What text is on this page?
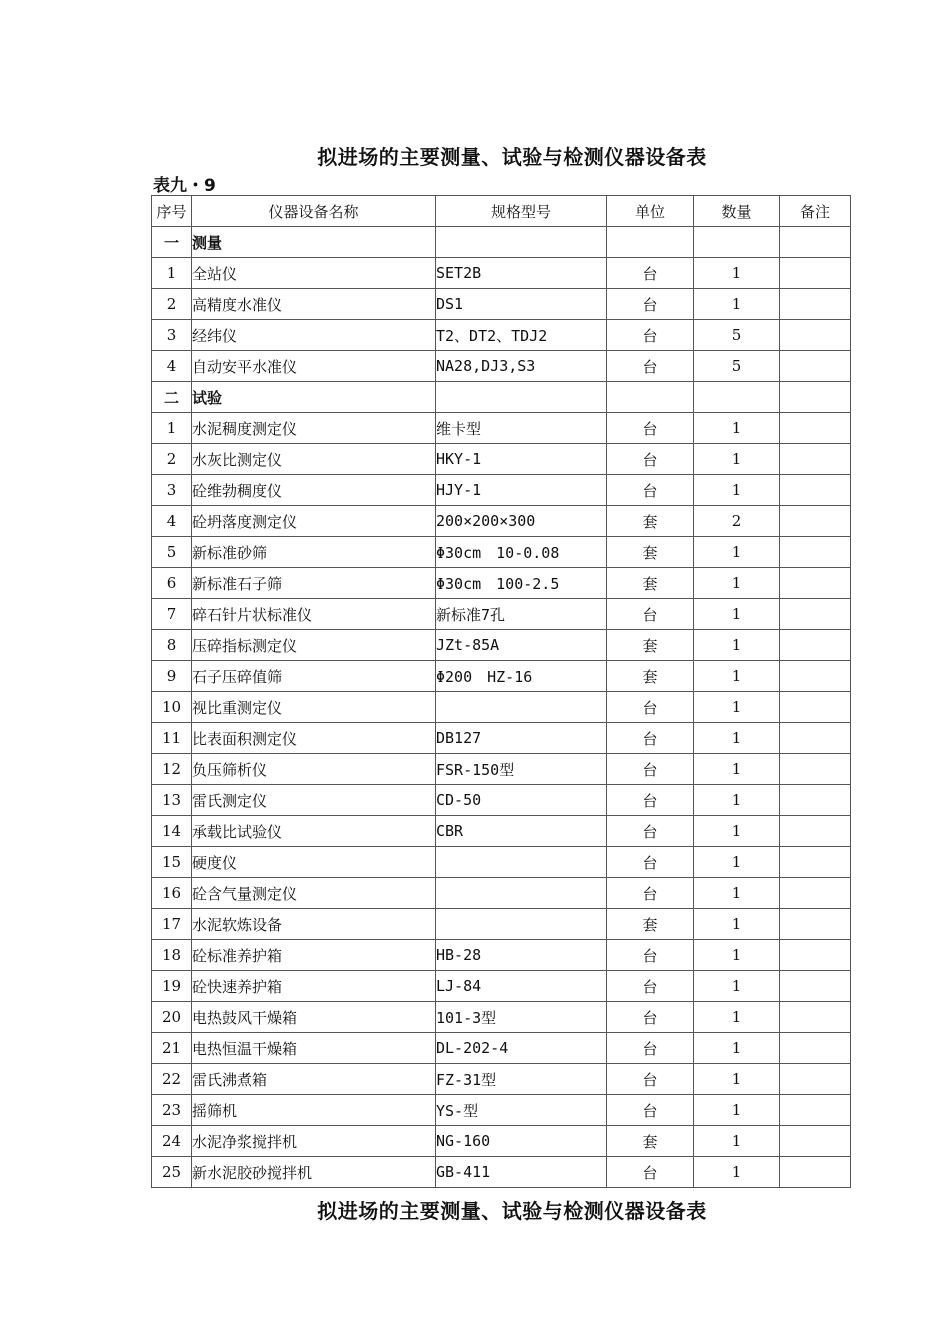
拟进场的主要测量、试验与检测仪器设备表
表九・9
序号	仪器设备名称	规格型号	单位	数量	备注
一	测量				
1	全站仪	SET2B	台	1	
2	高精度水准仪	DS1	台	1	
3	经纬仪	T2、DT2、TDJ2	台	5	
4	自动安平水准仪	NA28,DJ3,S3	台	5	
二	试验				
1	水泥稠度测定仪	维卡型	台	1	
2	水灰比测定仪	HKY-1	台	1	
3	砼维勃稠度仪	HJY-1	台	1	
4	砼坍落度测定仪	200×200×300	套	2	
5	新标准砂筛	Φ30cm　10-0.08	套	1	
6	新标准石子筛	Φ30cm　100-2.5	套	1	
7	碎石针片状标准仪	新标准7孔	台	1	
8	压碎指标测定仪	JZt-85A	套	1	
9	石子压碎值筛	Φ200　HZ-16	套	1	
10	视比重测定仪		台	1	
11	比表面积测定仪	DB127	台	1	
12	负压筛析仪	FSR-150型	台	1	
13	雷氏测定仪	CD-50	台	1	
14	承载比试验仪	CBR	台	1	
15	硬度仪		台	1	
16	砼含气量测定仪		台	1	
17	水泥软炼设备		套	1	
18	砼标准养护箱	HB-28	台	1	
19	砼快速养护箱	LJ-84	台	1	
20	电热鼓风干燥箱	101-3型	台	1	
21	电热恒温干燥箱	DL-202-4	台	1	
22	雷氏沸煮箱	FZ-31型	台	1	
23	摇筛机	YS-型	台	1	
24	水泥净浆搅拌机	NG-160	套	1	
25	新水泥胶砂搅拌机	GB-411	台	1	
拟进场的主要测量、试验与检测仪器设备表
